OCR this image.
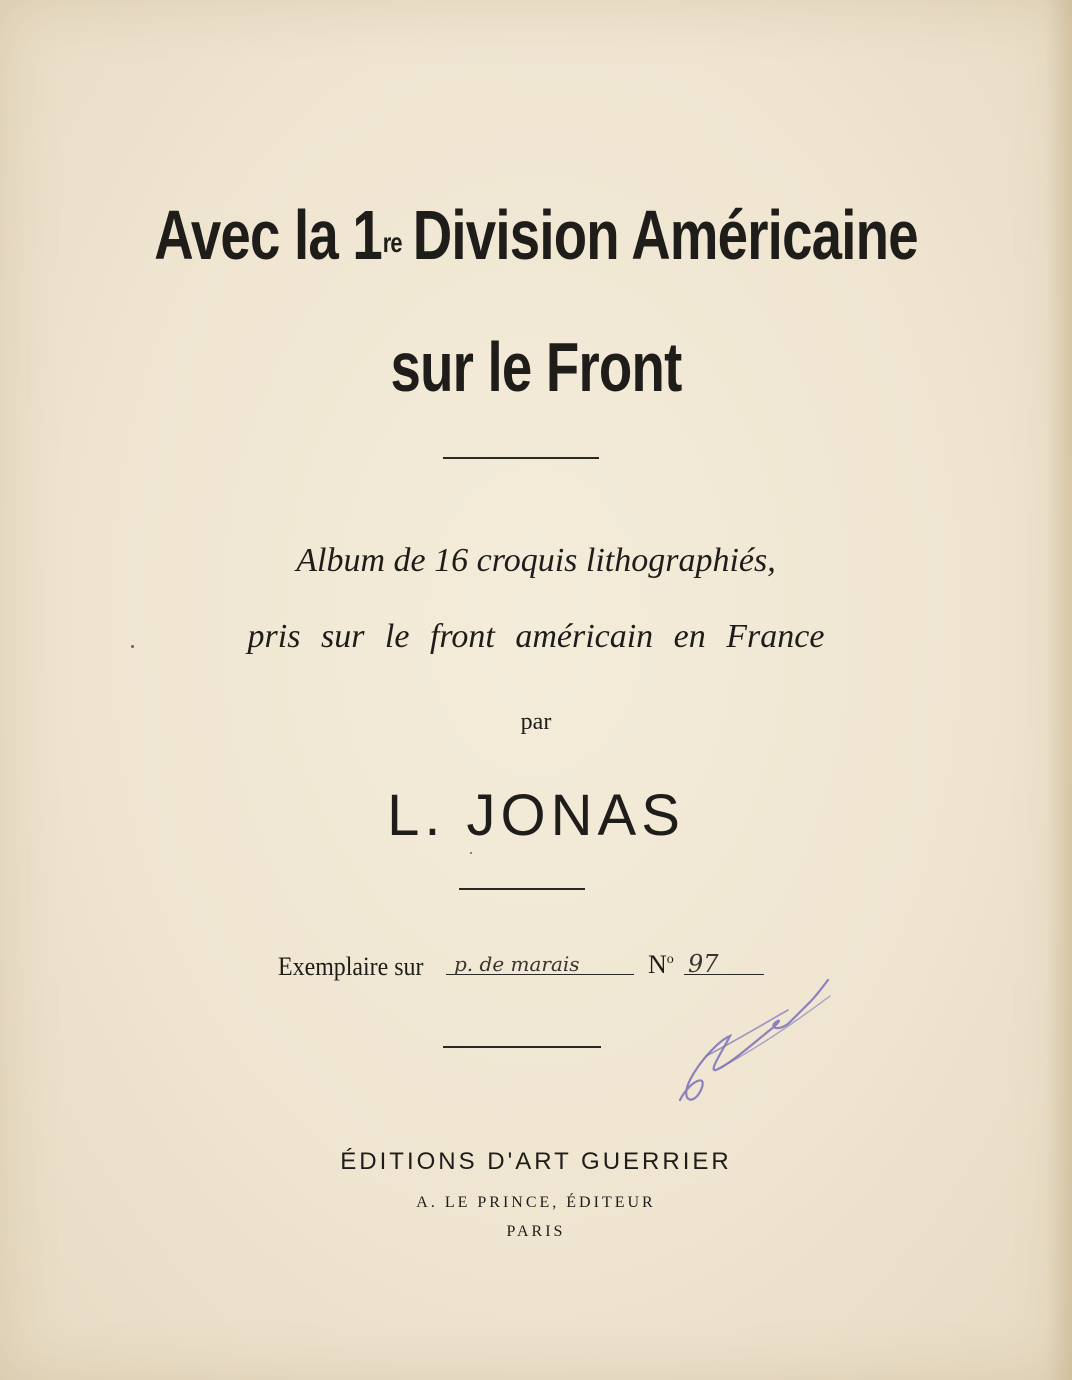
Avec la 1re Division Américaine
sur le Front
Album de 16 croquis lithographiés,
pris sur le front américain en France
par
L. JONAS
Exemplaire sur p. de marais	$N^o$ 97
ÉDITIONS D'ART GUERRIER
A. LE PRINCE, ÉDITEUR
PARIS
